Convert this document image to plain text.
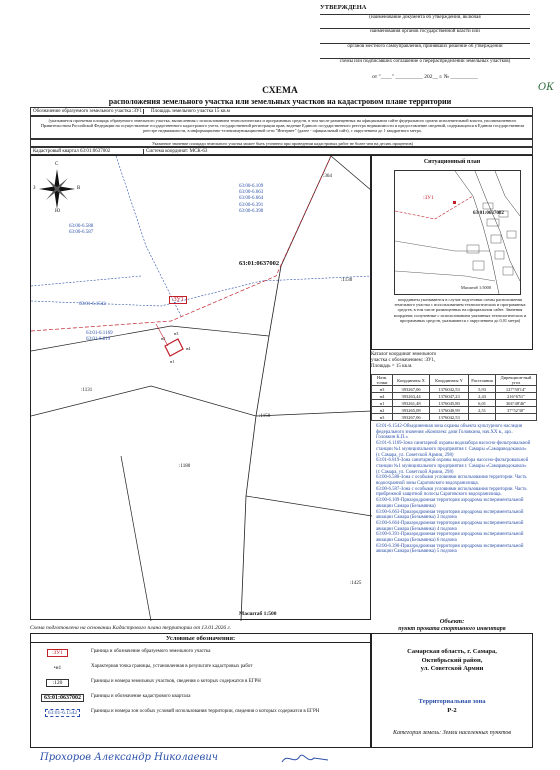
УТВЕРЖДЕНА
(наименование документа об утверждении, включая
наименования органов государственной власти или
органов местного самоуправления, принявших решение об утверждении
схемы или подписавших соглашение о перераспределении земельных участков)
от "____" __________ 202__ г. № __________
ОК
СХЕМА
расположения земельного участка или земельных участков на кадастровом плане территории
Обозначение образуемого земельного участка :ЗУ1	Площадь земельного участка 15 кв.м
(указывается проектная площадь образуемого земельного участка, вычисленная с использованием технологических и программных средств, в том числе размещенных на официальном сайте федерального органа исполнительной власти, уполномоченного Правительством Российской Федерации на осуществление государственного кадастрового учета, государственной регистрации прав, ведение Единого государственного реестра недвижимости и предоставление сведений, содержащихся в Едином государственном реестре недвижимости, в информационно-телекоммуникационной сети "Интернет" (далее - официальный сайт), с округлением до 1 квадратного метра.
Указанное значение площади земельного участка может быть уточнено при проведении кадастровых работ не более чем на десять процентов)
Кадастровый квартал 63:01:0637002	Система координат: МСК-63
С
Ю
З	В	63:00-6.109
63:00-6.663
63:00-6.664
63:00-6.391
63:00-6.390
63:00-6.588
63:00-6.587
63:01-6.1542
63:01-6.1169
63:01-6.819
63:01:0637002
:ЗУ1
н2
н3
н4
н1
:364
:1130
:1131
:1150
:1180
:1425
Масштаб 1:500
Ситуационный план
:ЗУ1
63:01:0637002
Масштаб 1:5000
координаты указываются в случае подготовки схемы расположения земельного участка с использованием технологических и программных средств, в том числе размещенных на официальном сайте. Значения координат, полученные с использованием указанных технологических и программных средств, указываются с округлением до 0,01 метра)
Каталог координат земельного
участка с обозначением: :ЗУ1,
Площадь = 15 кв.м.
Назв. точки	Координаты X	Координаты Y	Расстояния	Дирекцион-ный угол
н3	393267,06	1376042,53	5,93	127°50'14"
н4	393263,44	1376047,23	2,43	216°6'51"
н1	393261,48	1376045,80	6,01	304°48'46"
н2	393265,08	1376040,99	2,51	37°52'30"
н3	393267,06	1376042,53		
63:01-6.1542-Объединенная зона охраны объекта культурного наследия федерального значения «Комплекс дачи Головкина, нач.ХХ в., арх. Головкин К.П.»
63:01-6.1169-Зона санитарной охраны водозабора насосно-фильтровальной станции №1 муниципального предприятия г. Самары «Самараводоканал» (г. Самара, ул. Советской Армии, 298)
63:01-6.819-Зона санитарной охраны водозабора насосно-фильтровальной станции №1 муниципального предприятия г. Самары «Самараводоканал» (г. Самара, ул. Советской Армии, 298)
63:00-6.588-Зона с особыми условиями использования территории. Часть водоохранной зоны Саратовского водохранилища.
63:00-6.587-Зона с особыми условиями использования территории. Часть прибрежной защитной полосы Саратовского водохранилища.
63:00-6.109-Приаэродромная территория аэродрома экспериментальной авиации Самара (Безымянка)
63:00-6.663-Приаэродромная территория аэродрома экспериментальной авиации Самара (Безымянка) 3 подзона
63:00-6.664-Приаэродромная территория аэродрома экспериментальной авиации Самара (Безымянка) 4 подзона
63:00-6.391-Приаэродромная территория аэродрома экспериментальной авиации Самара (Безымянка) 6 подзона
63:00-6.390-Приаэродромная территория аэродрома экспериментальной авиации Самара (Безымянка) 5 подзона
Схема подготовлена на основании Кадастрового плана территории от 13.01.2026 г.
Условные обозначения:
:ЗУ1	Граница и обозначение образуемого земельного участка
•н1	Характерная точка границы, установленная в результате кадастровых работ
:120	Границы и номера земельных участков, сведения о которых содержатся в ЕГРН
63:01:0637002	Границы и обозначение кадастрового квартала
63:01-6.1542	Границы и номера зон особых условий использования территории, сведения о которых содержатся в ЕГРН
Объект:
пункт проката спортивного инвентаря
Самарская область, г. Самара,
Октябрьский район,
ул. Советской Армии
Территориальная зона
Р-2
Категория земель: Земли населенных пунктов
Прохоров Александр Николаевич
